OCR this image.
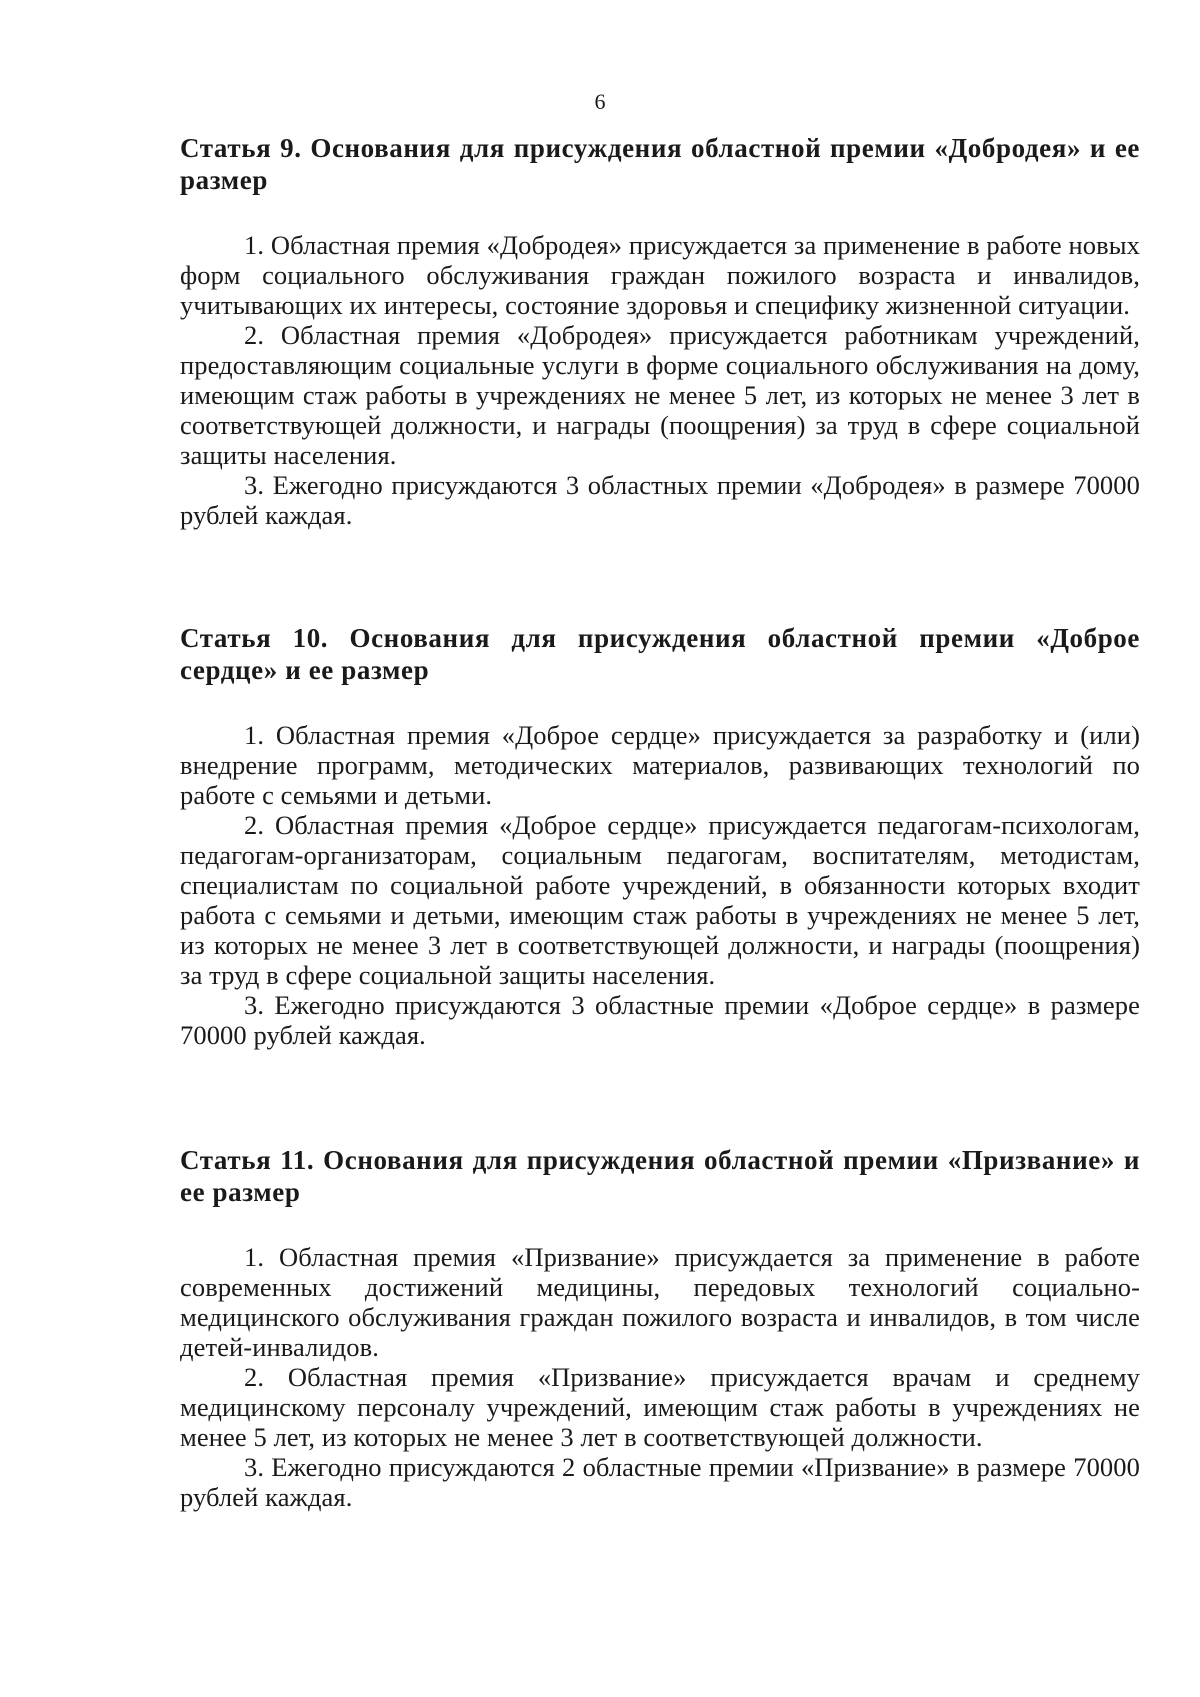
6
Статья 9. Основания для присуждения областной премии «Добродея» и ее размер

1. Областная премия «Добродея» присуждается за применение в работе новых форм социального обслуживания граждан пожилого возраста и инвалидов, учитывающих их интересы, состояние здоровья и специфику жизненной ситуации.

2. Областная премия «Добродея» присуждается работникам учреждений, предоставляющим социальные услуги в форме социального обслуживания на дому, имеющим стаж работы в учреждениях не менее 5 лет, из которых не менее 3 лет в соответствующей должности, и награды (поощрения) за труд в сфере социальной защиты населения.

3. Ежегодно присуждаются 3 областных премии «Добродея» в размере 70000 рублей каждая.

Статья 10. Основания для присуждения областной премии «Доброе сердце» и ее размер

1. Областная премия «Доброе сердце» присуждается за разработку и (или) внедрение программ, методических материалов, развивающих технологий по работе с семьями и детьми.

2. Областная премия «Доброе сердце» присуждается педагогам-психологам, педагогам-организаторам, социальным педагогам, воспитателям, методистам, специалистам по социальной работе учреждений, в обязанности которых входит работа с семьями и детьми, имеющим стаж работы в учреждениях не менее 5 лет, из которых не менее 3 лет в соответствующей должности, и награды (поощрения) за труд в сфере социальной защиты населения.

3. Ежегодно присуждаются 3 областные премии «Доброе сердце» в размере 70000 рублей каждая.

Статья 11. Основания для присуждения областной премии «Призвание» и ее размер

1. Областная премия «Призвание» присуждается за применение в работе современных достижений медицины, передовых технологий социально-медицинского обслуживания граждан пожилого возраста и инвалидов, в том числе детей-инвалидов.

2. Областная премия «Призвание» присуждается врачам и среднему медицинскому персоналу учреждений, имеющим стаж работы в учреждениях не менее 5 лет, из которых не менее 3 лет в соответствующей должности.

3. Ежегодно присуждаются 2 областные премии «Призвание» в размере 70000 рублей каждая.
